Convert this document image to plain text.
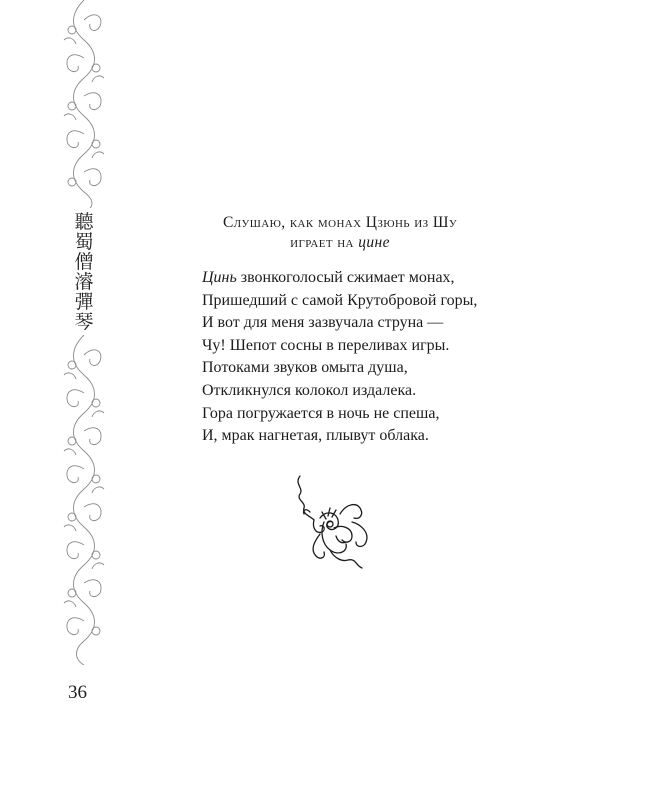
聽
蜀
僧
濬
彈
琴
36
Слушаю, как монах Цзюнь из Шу
играет на цине
Цинь звонкоголосый сжимает монах,
Пришедший с самой Крутобровой горы,
И вот для меня зазвучала струна —
Чу! Шепот сосны в переливах игры.
Потоками звуков омыта душа,
Откликнулся колокол издалека.
Гора погружается в ночь не спеша,
И, мрак нагнетая, плывут облака.
